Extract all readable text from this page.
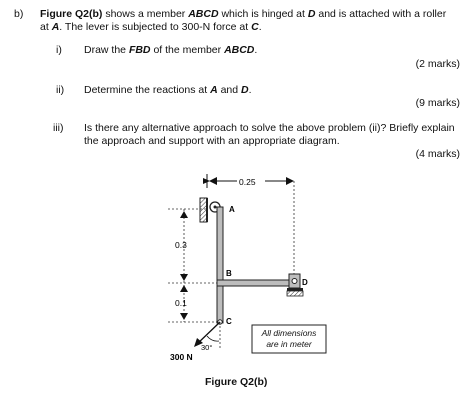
b) Figure Q2(b) shows a member ABCD which is hinged at D and is attached with a roller
at A. The lever is subjected to 300-N force at C.
i) Draw the FBD of the member ABCD.
(2 marks)
ii) Determine the reactions at A and D.
(9 marks)
iii) Is there any alternative approach to solve the above problem (ii)? Briefly explain
the approach and support with an appropriate diagram.
(4 marks)
0.25
0.3
0.1
A
B
C
D
30°
300 N
All dimensions
are in meter
Figure Q2(b)
